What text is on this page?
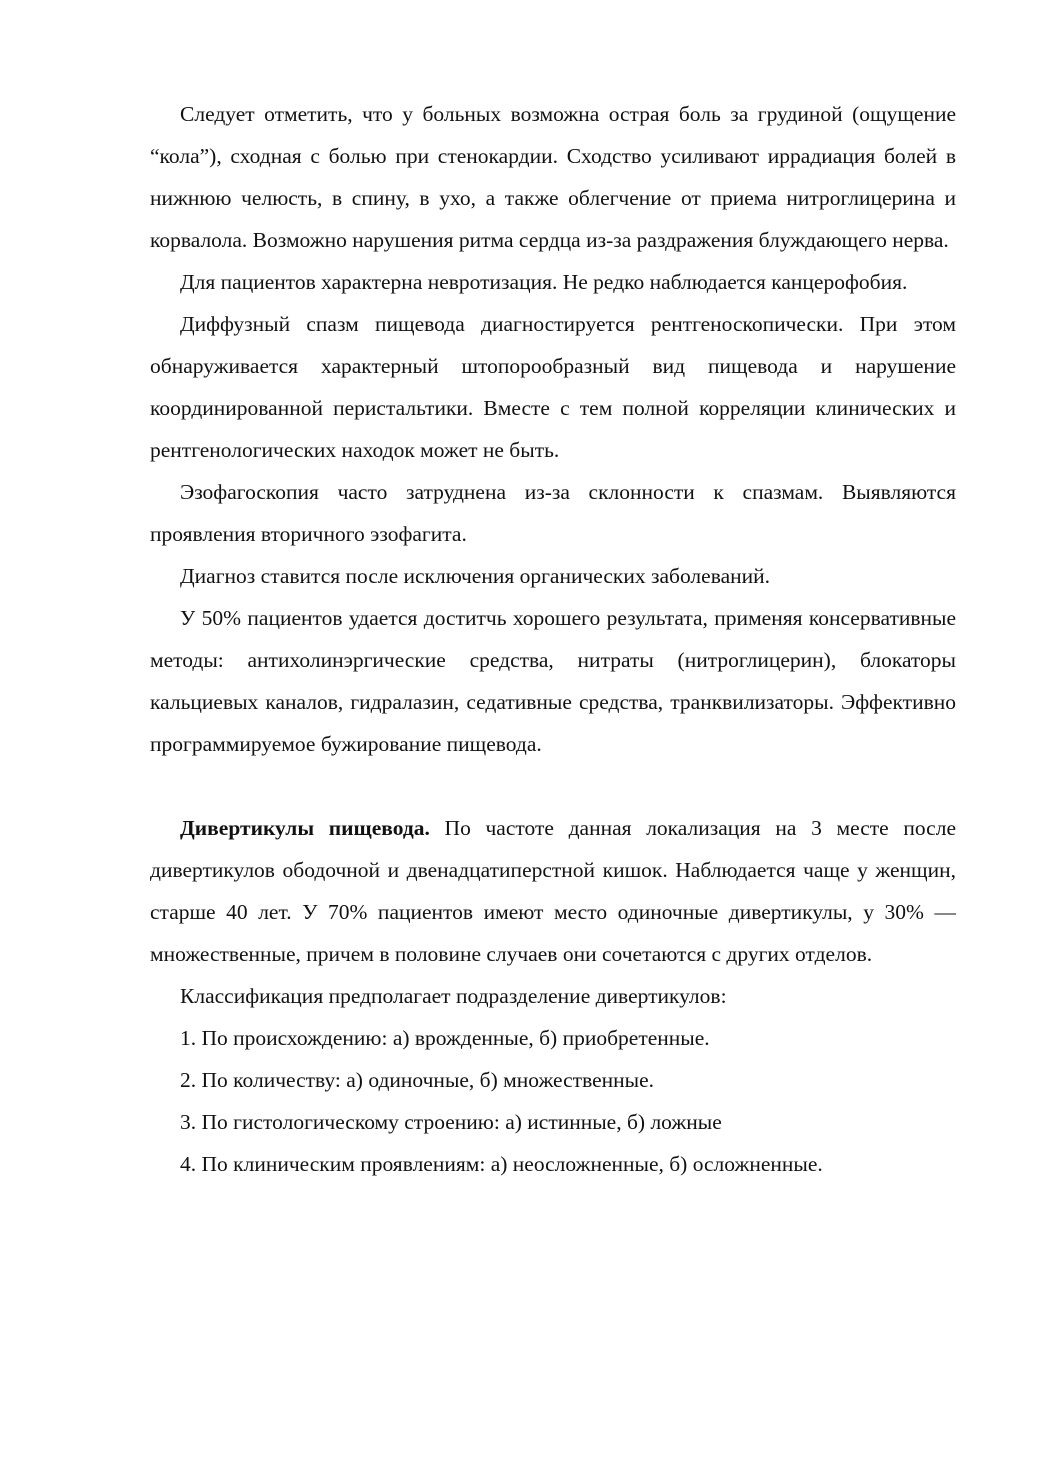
Следует отметить, что у больных возможна острая боль за грудиной (ощущение “кола”), сходная с болью при стенокардии. Сходство усиливают иррадиация болей в нижнюю челюсть, в спину, в ухо, а также облегчение от приема нитроглицерина и корвалола. Возможно нарушения ритма сердца из-за раздражения блуждающего нерва.

Для пациентов характерна невротизация. Не редко наблюдается канцерофобия.

Диффузный спазм пищевода диагностируется рентгеноскопически. При этом обнаруживается характерный штопорообразный вид пищевода и нарушение координированной перистальтики. Вместе с тем полной корреляции клинических и рентгенологических находок может не быть.

Эзофагоскопия часто затруднена из-за склонности к спазмам. Выявляются проявления вторичного эзофагита.

Диагноз ставится после исключения органических заболеваний.

У 50% пациентов удается доститчь хорошего результата, применяя консервативные методы: антихолинэргические средства, нитраты (нитроглицерин), блокаторы кальциевых каналов, гидралазин, седативные средства, транквилизаторы. Эффективно программируемое бужирование пищевода.

Дивертикулы пищевода. По частоте данная локализация на 3 месте после дивертикулов ободочной и двенадцатиперстной кишок. Наблюдается чаще у женщин, старше 40 лет. У 70% пациентов имеют место одиночные дивертикулы, у 30% — множественные, причем в половине случаев они сочетаются с других отделов.

Классификация предполагает подразделение дивертикулов:

1. По происхождению: а) врожденные, б) приобретенные.

2. По количеству: а) одиночные, б) множественные.

3. По гистологическому строению: а) истинные, б) ложные

4. По клиническим проявлениям: а) неосложненные, б) осложненные.
